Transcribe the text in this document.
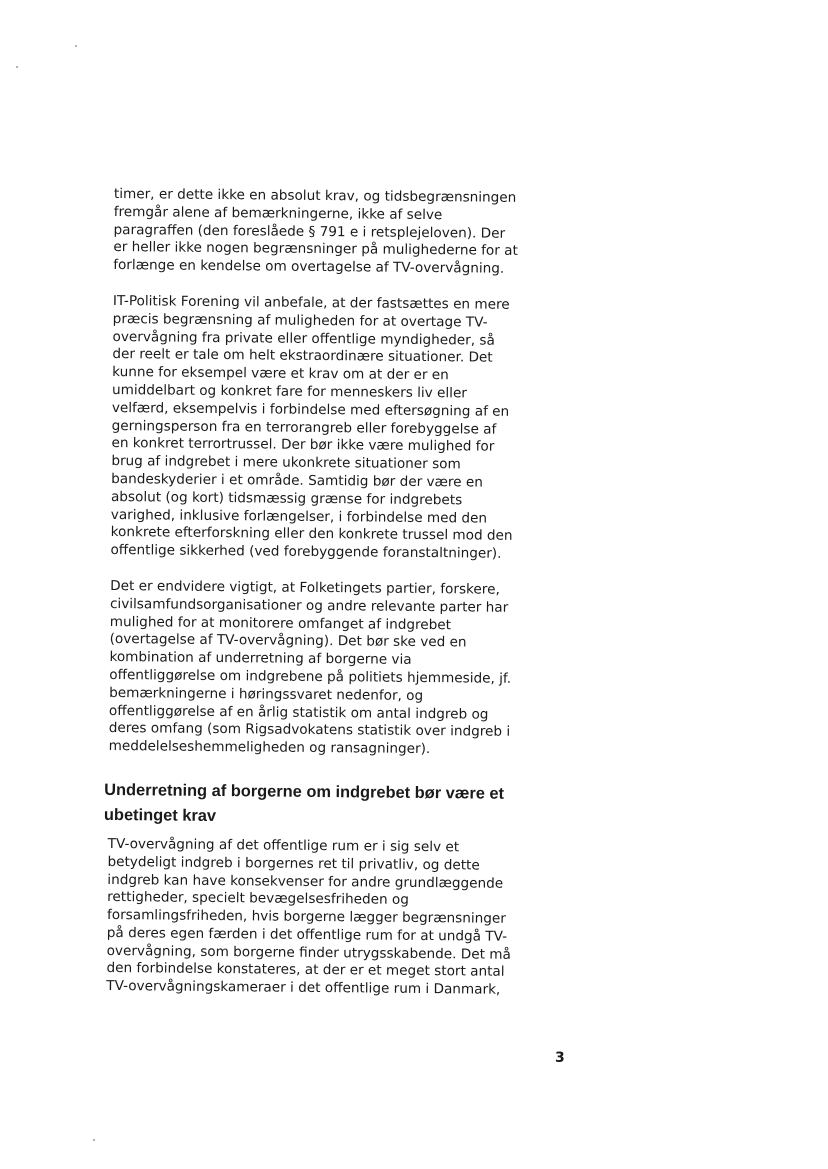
timer, er dette ikke en absolut krav, og tidsbegrænsningen
fremgår alene af bemærkningerne, ikke af selve
paragraffen (den foreslåede § 791 e i retsplejeloven). Der
er heller ikke nogen begrænsninger på mulighederne for at
forlænge en kendelse om overtagelse af TV-overvågning.

IT-Politisk Forening vil anbefale, at der fastsættes en mere
præcis begrænsning af muligheden for at overtage TV-
overvågning fra private eller offentlige myndigheder, så
der reelt er tale om helt ekstraordinære situationer. Det
kunne for eksempel være et krav om at der er en
umiddelbart og konkret fare for menneskers liv eller
velfærd, eksempelvis i forbindelse med eftersøgning af en
gerningsperson fra en terrorangreb eller forebyggelse af
en konkret terrortrussel. Der bør ikke være mulighed for
brug af indgrebet i mere ukonkrete situationer som
bandeskyderier i et område. Samtidig bør der være en
absolut (og kort) tidsmæssig grænse for indgrebets
varighed, inklusive forlængelser, i forbindelse med den
konkrete efterforskning eller den konkrete trussel mod den
offentlige sikkerhed (ved forebyggende foranstaltninger).

Det er endvidere vigtigt, at Folketingets partier, forskere,
civilsamfundsorganisationer og andre relevante parter har
mulighed for at monitorere omfanget af indgrebet
(overtagelse af TV-overvågning). Det bør ske ved en
kombination af underretning af borgerne via
offentliggørelse om indgrebene på politiets hjemmeside, jf.
bemærkningerne i høringssvaret nedenfor, og
offentliggørelse af en årlig statistik om antal indgreb og
deres omfang (som Rigsadvokatens statistik over indgreb i
meddelelseshemmeligheden og ransagninger).

Underretning af borgerne om indgrebet bør være et
ubetinget krav

TV-overvågning af det offentlige rum er i sig selv et
betydeligt indgreb i borgernes ret til privatliv, og dette
indgreb kan have konsekvenser for andre grundlæggende
rettigheder, specielt bevægelsesfriheden og
forsamlingsfriheden, hvis borgerne lægger begrænsninger
på deres egen færden i det offentlige rum for at undgå TV-
overvågning, som borgerne finder utrygsskabende. Det må
den forbindelse konstateres, at der er et meget stort antal
TV-overvågningskameraer i det offentlige rum i Danmark,

3
